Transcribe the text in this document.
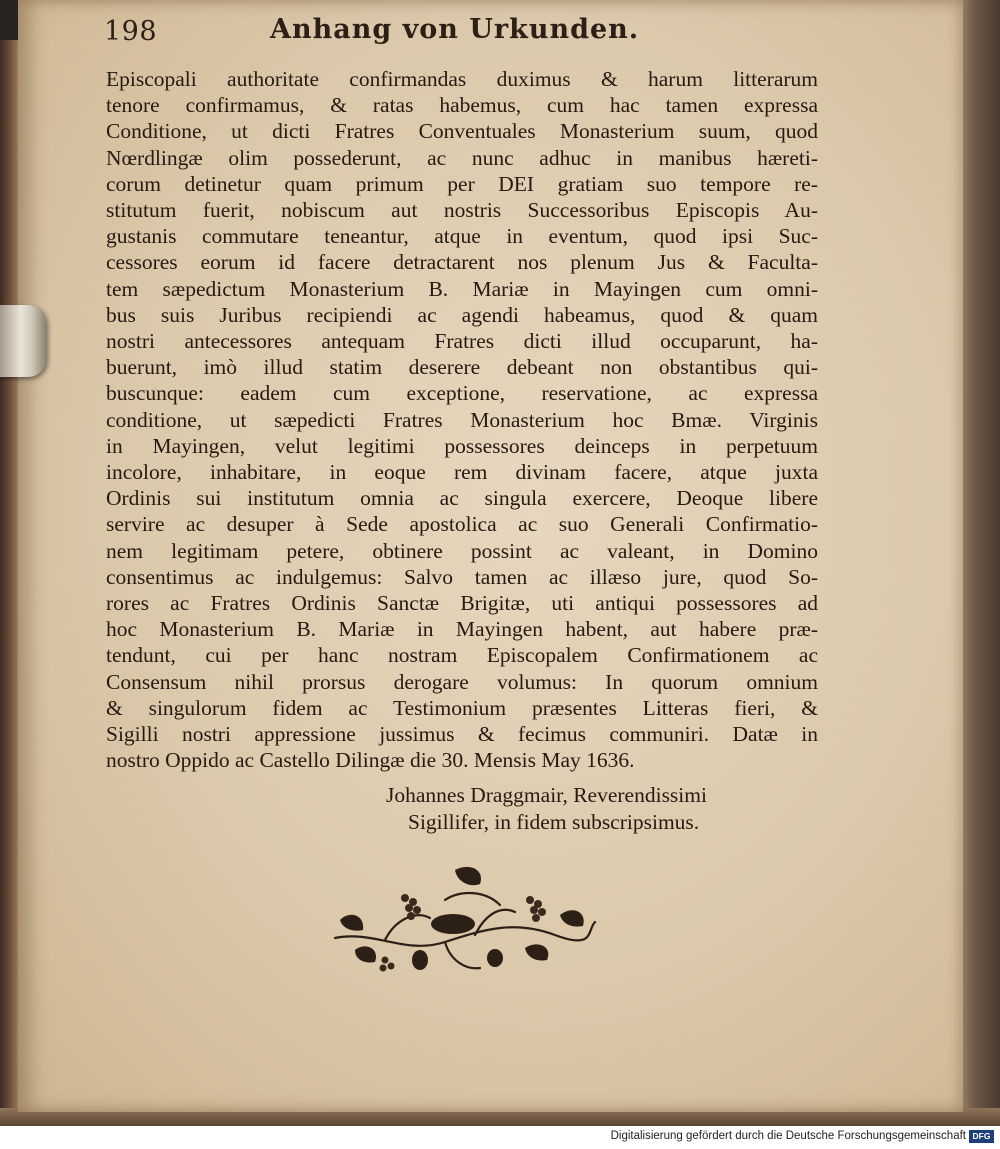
198	Anhang von Urkunden.
Episcopali authoritate confirmandas duximus & harum litterarum
tenore confirmamus, & ratas habemus, cum hac tamen expressa
Conditione, ut dicti Fratres Conventuales Monasterium suum, quod
Nœrdlingæ olim possederunt, ac nunc adhuc in manibus hæreti-
corum detinetur quam primum per DEI gratiam suo tempore re-
stitutum fuerit, nobiscum aut nostris Successoribus Episcopis Au-
gustanis commutare teneantur, atque in eventum, quod ipsi Suc-
cessores eorum id facere detractarent nos plenum Jus & Faculta-
tem sæpedictum Monasterium B. Mariæ in Mayingen cum omni-
bus suis Juribus recipiendi ac agendi habeamus, quod & quam
nostri antecessores antequam Fratres dicti illud occuparunt, ha-
buerunt, imò illud statim deserere debeant non obstantibus qui-
buscunque: eadem cum exceptione, reservatione, ac expressa
conditione, ut sæpedicti Fratres Monasterium hoc Bmæ. Virginis
in Mayingen, velut legitimi possessores deinceps in perpetuum
incolore, inhabitare, in eoque rem divinam facere, atque juxta
Ordinis sui institutum omnia ac singula exercere, Deoque libere
servire ac desuper à Sede apostolica ac suo Generali Confirmatio-
nem legitimam petere, obtinere possint ac valeant, in Domino
consentimus ac indulgemus: Salvo tamen ac illæso jure, quod So-
rores ac Fratres Ordinis Sanctæ Brigitæ, uti antiqui possessores ad
hoc Monasterium B. Mariæ in Mayingen habent, aut habere præ-
tendunt, cui per hanc nostram Episcopalem Confirmationem ac
Consensum nihil prorsus derogare volumus: In quorum omnium
& singulorum fidem ac Testimonium præsentes Litteras fieri, &
Sigilli nostri appressione jussimus & fecimus communiri. Datæ in
nostro Oppido ac Castello Dilingæ die 30. Mensis May 1636.
Johannes Draggmair, Reverendissimi
Sigillifer, in fidem subscripsimus.
Digitalisierung gefördert durch die Deutsche Forschungsgemeinschaft DFG
